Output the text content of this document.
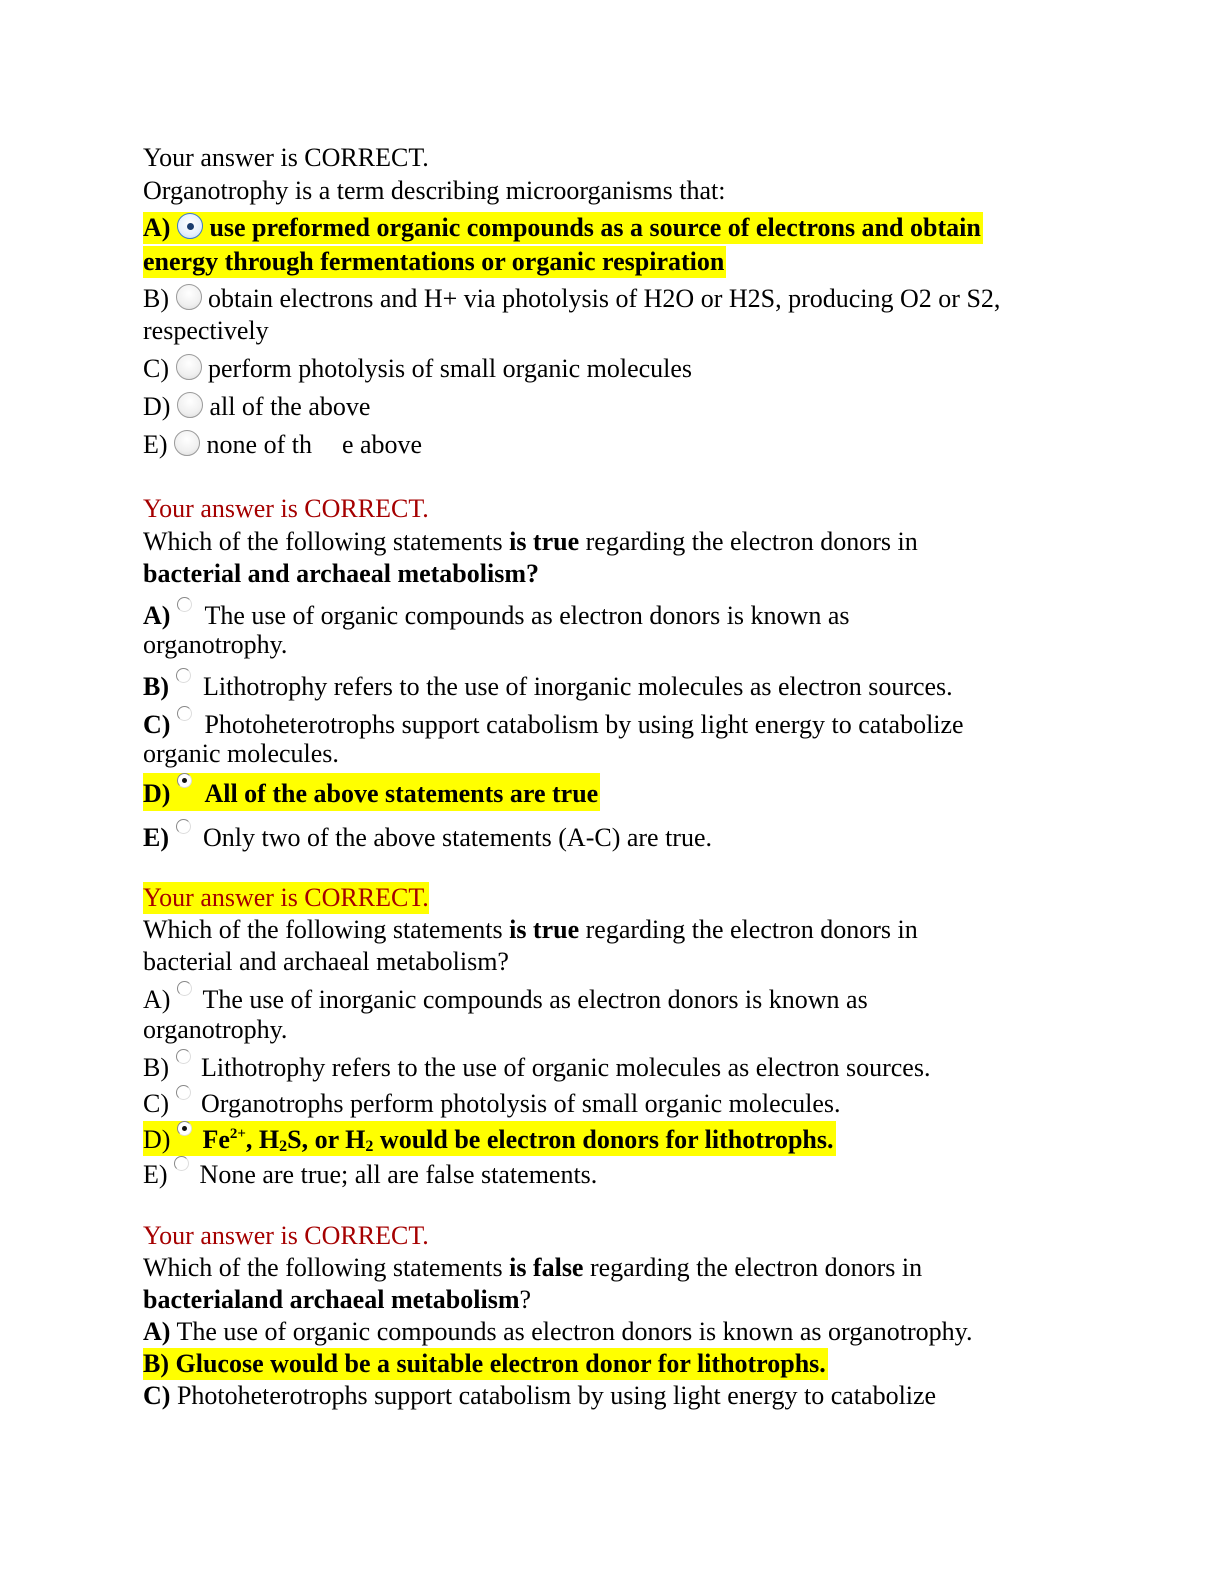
Your answer is CORRECT.
Organotrophy is a term describing microorganisms that:
A) use preformed organic compounds as a source of electrons and obtain
energy through fermentations or organic respiration
B) obtain electrons and H+ via photolysis of H2O or H2S, producing O2 or S2,
respectively
C) perform photolysis of small organic molecules
D) all of the above
E) none of th e above
Your answer is CORRECT.
Which of the following statements is true regarding the electron donors in
bacterial and archaeal metabolism?
A) The use of organic compounds as electron donors is known as
organotrophy.
B) Lithotrophy refers to the use of inorganic molecules as electron sources.
C) Photoheterotrophs support catabolism by using light energy to catabolize
organic molecules.
D) All of the above statements are true
E) Only two of the above statements (A-C) are true.
Your answer is CORRECT.
Which of the following statements is true regarding the electron donors in
bacterial and archaeal metabolism?
A) The use of inorganic compounds as electron donors is known as
organotrophy.
B) Lithotrophy refers to the use of organic molecules as electron sources.
C) Organotrophs perform photolysis of small organic molecules.
D) $Fe^{2+}$, $H_2S$, or $H_2$ would be electron donors for lithotrophs.
E) None are true; all are false statements.
Your answer is CORRECT.
Which of the following statements is false regarding the electron donors in
bacterialand archaeal metabolism?
A) The use of organic compounds as electron donors is known as organotrophy.
B) Glucose would be a suitable electron donor for lithotrophs.
C) Photoheterotrophs support catabolism by using light energy to catabolize
